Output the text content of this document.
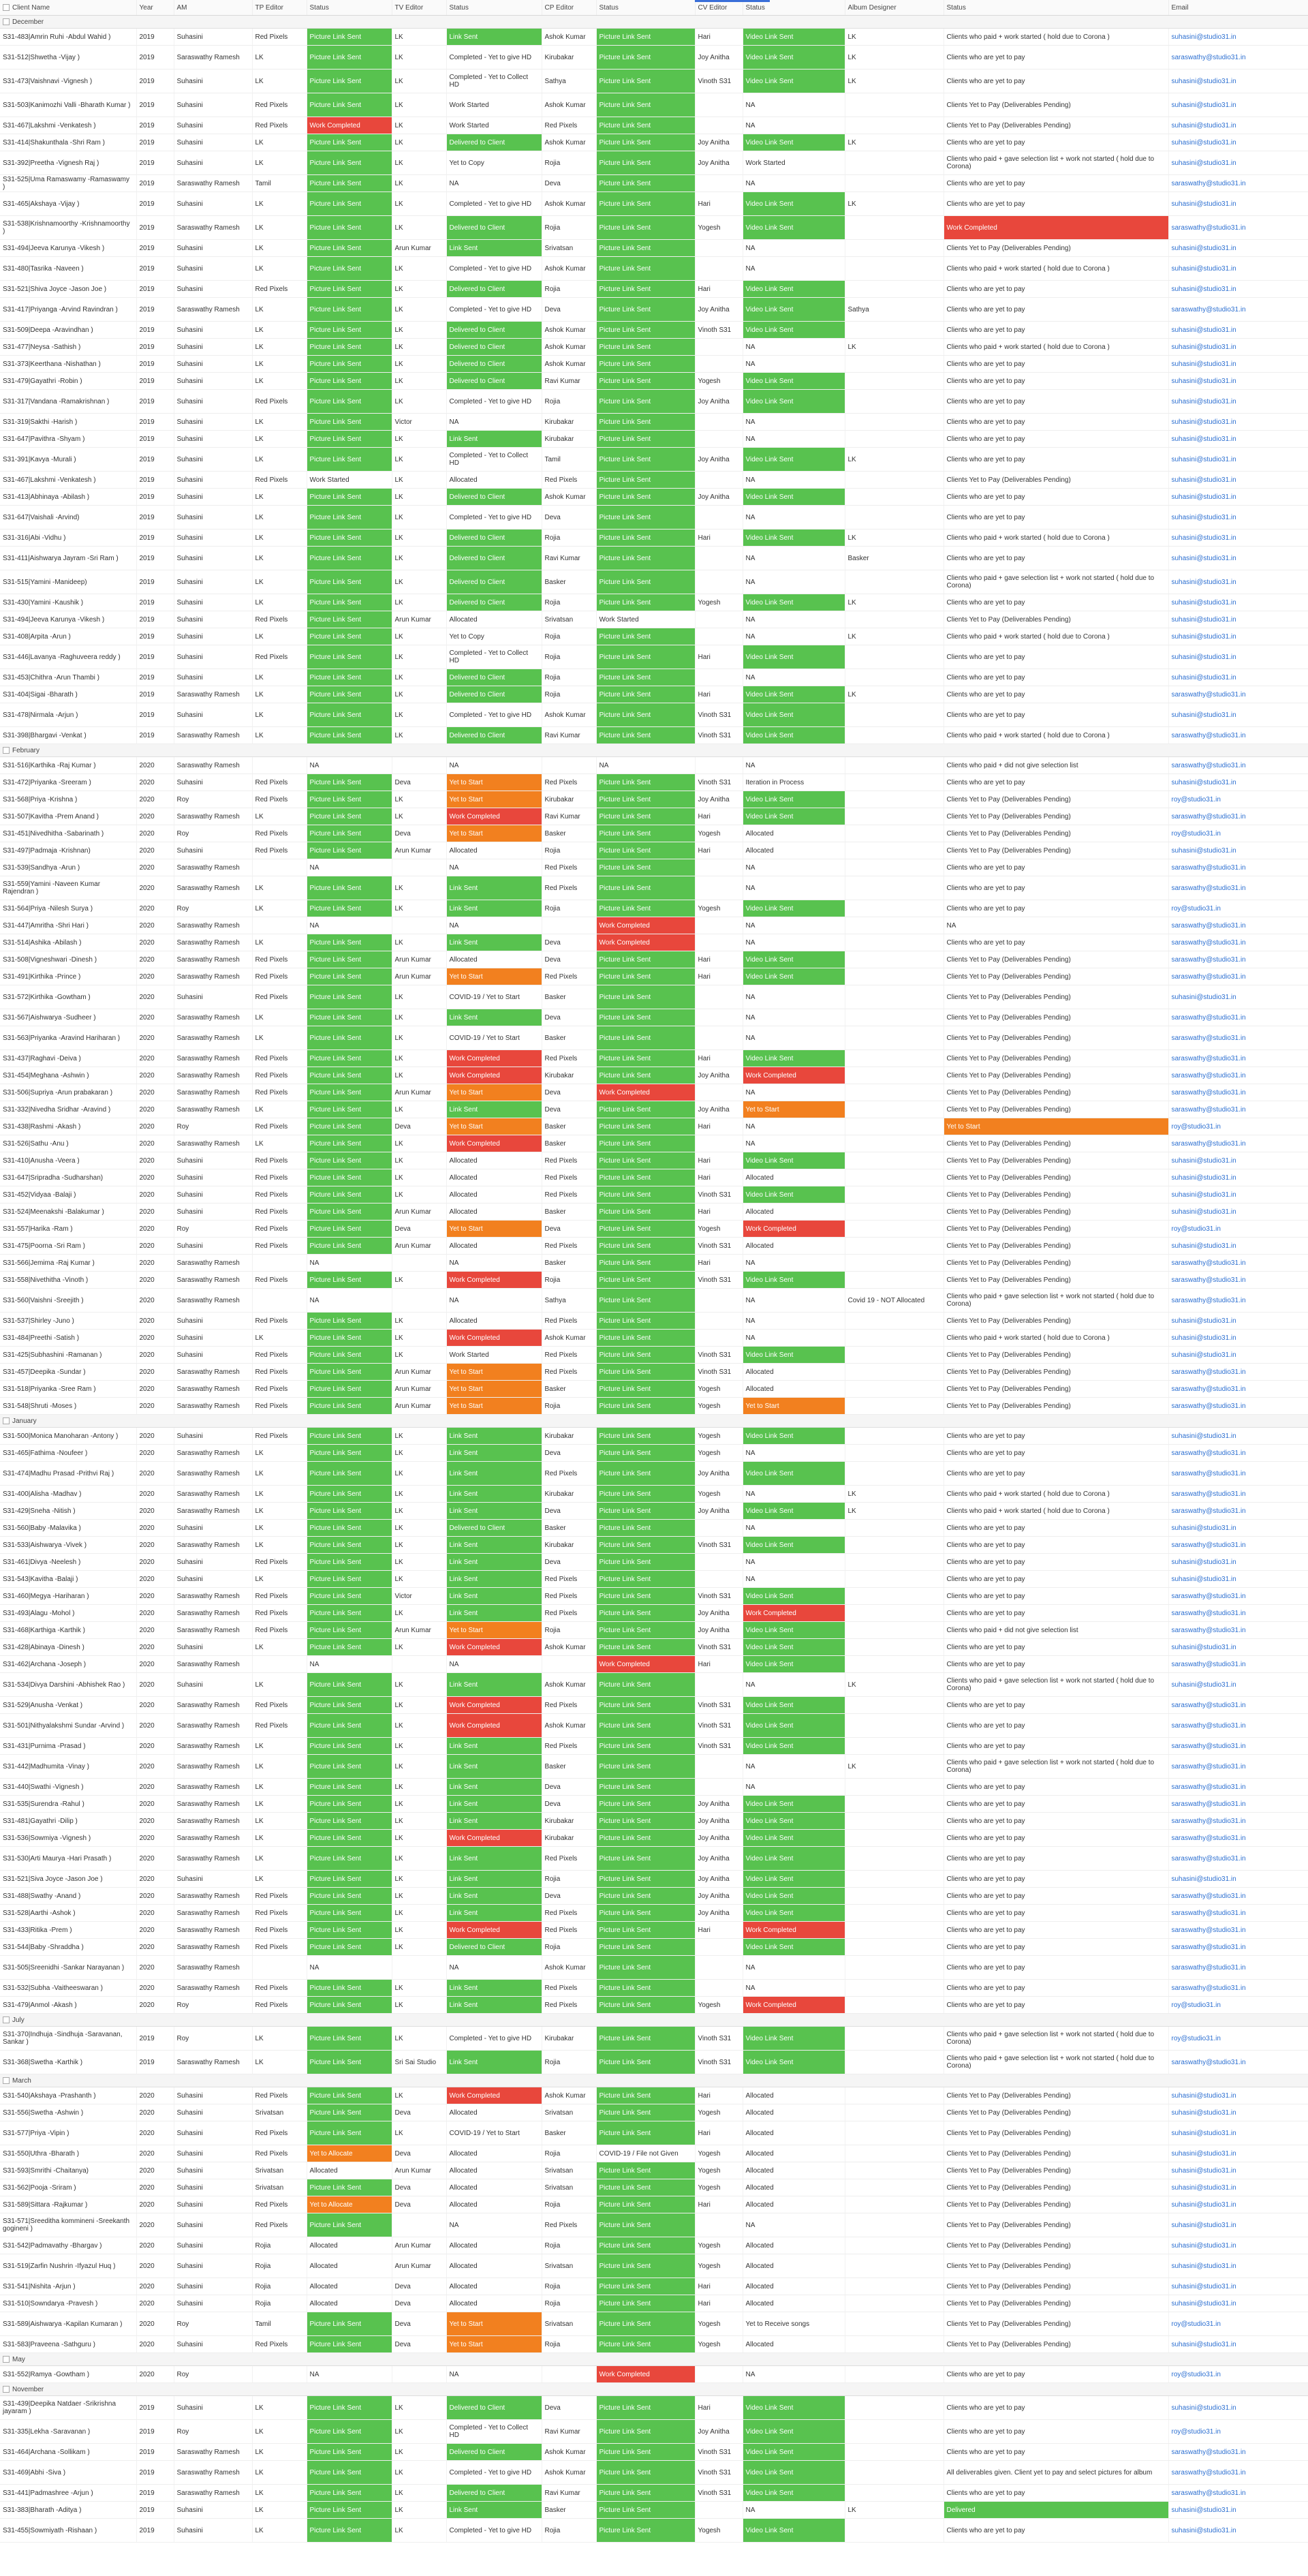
Client Name	Year	AM	TP Editor	Status	TV Editor	Status	CP Editor	Status	CV Editor	Status	Album Designer	Status	Email
December													
S31-483|Amrin Ruhi -Abdul Wahid )	2019	Suhasini	Red Pixels	Picture Link Sent	LK	Link Sent	Ashok Kumar	Picture Link Sent	Hari	Video Link Sent	LK	Clients who paid + work started ( hold due to Corona )	suhasini@studio31.in
S31-512|Shwetha -Vijay )	2019	Saraswathy Ramesh	LK	Picture Link Sent	LK	Completed - Yet to give HD	Kirubakar	Picture Link Sent	Joy Anitha	Video Link Sent	LK	Clients who are yet to pay	saraswathy@studio31.in
S31-473|Vaishnavi -Vignesh )	2019	Suhasini	LK	Picture Link Sent	LK	Completed - Yet to Collect HD	Sathya	Picture Link Sent	Vinoth S31	Video Link Sent	LK	Clients who are yet to pay	suhasini@studio31.in
S31-503|Kanimozhi Valli -Bharath Kumar )	2019	Suhasini	Red Pixels	Picture Link Sent	LK	Work Started	Ashok Kumar	Picture Link Sent		NA		Clients Yet to Pay (Deliverables Pending)	suhasini@studio31.in
S31-467|Lakshmi -Venkatesh )	2019	Suhasini	Red Pixels	Work Completed	LK	Work Started	Red Pixels	Picture Link Sent		NA		Clients Yet to Pay (Deliverables Pending)	suhasini@studio31.in
S31-414|Shakunthala -Shri Ram )	2019	Suhasini	LK	Picture Link Sent	LK	Delivered to Client	Ashok Kumar	Picture Link Sent	Joy Anitha	Video Link Sent	LK	Clients who are yet to pay	suhasini@studio31.in
S31-392|Preetha -Vignesh Raj )	2019	Suhasini	LK	Picture Link Sent	LK	Yet to Copy	Rojia	Picture Link Sent	Joy Anitha	Work Started		Clients who paid + gave selection list + work not started ( hold due to Corona)	suhasini@studio31.in
S31-525|Uma Ramaswamy -Ramaswamy )	2019	Saraswathy Ramesh	Tamil	Picture Link Sent	LK	NA	Deva	Picture Link Sent		NA		Clients who are yet to pay	saraswathy@studio31.in
S31-465|Akshaya -Vijay )	2019	Suhasini	LK	Picture Link Sent	LK	Completed - Yet to give HD	Ashok Kumar	Picture Link Sent	Hari	Video Link Sent	LK	Clients who are yet to pay	suhasini@studio31.in
S31-538|Krishnamoorthy -Krishnamoorthy )	2019	Saraswathy Ramesh	LK	Picture Link Sent	LK	Delivered to Client	Rojia	Picture Link Sent	Yogesh	Video Link Sent		Work Completed	saraswathy@studio31.in
S31-494|Jeeva Karunya -Vikesh )	2019	Suhasini	LK	Picture Link Sent	Arun Kumar	Link Sent	Srivatsan	Picture Link Sent		NA		Clients Yet to Pay (Deliverables Pending)	suhasini@studio31.in
S31-480|Tasrika -Naveen )	2019	Suhasini	LK	Picture Link Sent	LK	Completed - Yet to give HD	Ashok Kumar	Picture Link Sent		NA		Clients who paid + work started ( hold due to Corona )	suhasini@studio31.in
S31-521|Shiva Joyce -Jason Joe )	2019	Suhasini	Red Pixels	Picture Link Sent	LK	Delivered to Client	Rojia	Picture Link Sent	Hari	Video Link Sent		Clients who are yet to pay	suhasini@studio31.in
S31-417|Priyanga -Arvind Ravindran )	2019	Saraswathy Ramesh	LK	Picture Link Sent	LK	Completed - Yet to give HD	Deva	Picture Link Sent	Joy Anitha	Video Link Sent	Sathya	Clients who are yet to pay	saraswathy@studio31.in
S31-509|Deepa -Aravindhan )	2019	Suhasini	LK	Picture Link Sent	LK	Delivered to Client	Ashok Kumar	Picture Link Sent	Vinoth S31	Video Link Sent		Clients who are yet to pay	suhasini@studio31.in
S31-477|Neysa -Sathish )	2019	Suhasini	LK	Picture Link Sent	LK	Delivered to Client	Ashok Kumar	Picture Link Sent		NA	LK	Clients who paid + work started ( hold due to Corona )	suhasini@studio31.in
S31-373|Keerthana -Nishathan )	2019	Suhasini	LK	Picture Link Sent	LK	Delivered to Client	Ashok Kumar	Picture Link Sent		NA		Clients who are yet to pay	suhasini@studio31.in
S31-479|Gayathri -Robin )	2019	Suhasini	LK	Picture Link Sent	LK	Delivered to Client	Ravi Kumar	Picture Link Sent	Yogesh	Video Link Sent		Clients who are yet to pay	suhasini@studio31.in
S31-317|Vandana -Ramakrishnan )	2019	Suhasini	Red Pixels	Picture Link Sent	LK	Completed - Yet to give HD	Rojia	Picture Link Sent	Joy Anitha	Video Link Sent		Clients who are yet to pay	suhasini@studio31.in
S31-319|Sakthi -Harish )	2019	Suhasini	LK	Picture Link Sent	Victor	NA	Kirubakar	Picture Link Sent		NA		Clients who are yet to pay	suhasini@studio31.in
S31-647|Pavithra -Shyam )	2019	Suhasini	LK	Picture Link Sent	LK	Link Sent	Kirubakar	Picture Link Sent		NA		Clients who are yet to pay	suhasini@studio31.in
S31-391|Kavya -Murali )	2019	Suhasini	LK	Picture Link Sent	LK	Completed - Yet to Collect HD	Tamil	Picture Link Sent	Joy Anitha	Video Link Sent	LK	Clients who are yet to pay	suhasini@studio31.in
S31-467|Lakshmi -Venkatesh )	2019	Suhasini	Red Pixels	Work Started	LK	Allocated	Red Pixels	Picture Link Sent		NA		Clients Yet to Pay (Deliverables Pending)	suhasini@studio31.in
S31-413|Abhinaya -Abilash )	2019	Suhasini	LK	Picture Link Sent	LK	Delivered to Client	Ashok Kumar	Picture Link Sent	Joy Anitha	Video Link Sent		Clients who are yet to pay	suhasini@studio31.in
S31-647|Vaishali -Arvind)	2019	Suhasini	LK	Picture Link Sent	LK	Completed - Yet to give HD	Deva	Picture Link Sent		NA		Clients who are yet to pay	suhasini@studio31.in
S31-316|Abi -Vidhu )	2019	Suhasini	LK	Picture Link Sent	LK	Delivered to Client	Rojia	Picture Link Sent	Hari	Video Link Sent	LK	Clients who paid + work started ( hold due to Corona )	suhasini@studio31.in
S31-411|Aishwarya Jayram -Sri Ram )	2019	Suhasini	LK	Picture Link Sent	LK	Delivered to Client	Ravi Kumar	Picture Link Sent		NA	Basker	Clients who are yet to pay	suhasini@studio31.in
S31-515|Yamini -Manideep)	2019	Suhasini	LK	Picture Link Sent	LK	Delivered to Client	Basker	Picture Link Sent		NA		Clients who paid + gave selection list + work not started ( hold due to Corona)	suhasini@studio31.in
S31-430|Yamini -Kaushik )	2019	Suhasini	LK	Picture Link Sent	LK	Delivered to Client	Rojia	Picture Link Sent	Yogesh	Video Link Sent	LK	Clients who are yet to pay	suhasini@studio31.in
S31-494|Jeeva Karunya -Vikesh )	2019	Suhasini	Red Pixels	Picture Link Sent	Arun Kumar	Allocated	Srivatsan	Work Started		NA		Clients Yet to Pay (Deliverables Pending)	suhasini@studio31.in
S31-408|Arpita -Arun )	2019	Suhasini	LK	Picture Link Sent	LK	Yet to Copy	Rojia	Picture Link Sent		NA	LK	Clients who paid + work started ( hold due to Corona )	suhasini@studio31.in
S31-446|Lavanya -Raghuveera reddy )	2019	Suhasini	Red Pixels	Picture Link Sent	LK	Completed - Yet to Collect HD	Rojia	Picture Link Sent	Hari	Video Link Sent		Clients who are yet to pay	suhasini@studio31.in
S31-453|Chithra -Arun Thambi )	2019	Suhasini	LK	Picture Link Sent	LK	Delivered to Client	Rojia	Picture Link Sent		NA		Clients who are yet to pay	suhasini@studio31.in
S31-404|Sigai -Bharath )	2019	Saraswathy Ramesh	LK	Picture Link Sent	LK	Delivered to Client	Rojia	Picture Link Sent	Hari	Video Link Sent	LK	Clients who are yet to pay	saraswathy@studio31.in
S31-478|Nirmala -Arjun )	2019	Suhasini	LK	Picture Link Sent	LK	Completed - Yet to give HD	Ashok Kumar	Picture Link Sent	Vinoth S31	Video Link Sent		Clients who are yet to pay	suhasini@studio31.in
S31-398|Bhargavi -Venkat )	2019	Saraswathy Ramesh	LK	Picture Link Sent	LK	Delivered to Client	Ravi Kumar	Picture Link Sent	Vinoth S31	Video Link Sent		Clients who paid + work started ( hold due to Corona )	saraswathy@studio31.in
February													
S31-516|Karthika -Raj Kumar )	2020	Saraswathy Ramesh		NA		NA		NA		NA		Clients who paid + did not give selection list	saraswathy@studio31.in
S31-472|Priyanka -Sreeram )	2020	Suhasini	Red Pixels	Picture Link Sent	Deva	Yet to Start	Red Pixels	Picture Link Sent	Vinoth S31	Iteration in Process		Clients who are yet to pay	suhasini@studio31.in
S31-568|Priya -Krishna )	2020	Roy	Red Pixels	Picture Link Sent	LK	Yet to Start	Kirubakar	Picture Link Sent	Joy Anitha	Video Link Sent		Clients Yet to Pay (Deliverables Pending)	roy@studio31.in
S31-507|Kavitha -Prem Anand )	2020	Saraswathy Ramesh	LK	Picture Link Sent	LK	Work Completed	Ravi Kumar	Picture Link Sent	Hari	Video Link Sent		Clients Yet to Pay (Deliverables Pending)	saraswathy@studio31.in
S31-451|Nivedhitha -Sabarinath )	2020	Roy	Red Pixels	Picture Link Sent	Deva	Yet to Start	Basker	Picture Link Sent	Yogesh	Allocated		Clients Yet to Pay (Deliverables Pending)	roy@studio31.in
S31-497|Padmaja -Krishnan)	2020	Suhasini	Red Pixels	Picture Link Sent	Arun Kumar	Allocated	Rojia	Picture Link Sent	Hari	Allocated		Clients Yet to Pay (Deliverables Pending)	suhasini@studio31.in
S31-539|Sandhya -Arun )	2020	Saraswathy Ramesh		NA		NA	Red Pixels	Picture Link Sent		NA		Clients who are yet to pay	saraswathy@studio31.in
S31-559|Yamini -Naveen Kumar Rajendran )	2020	Saraswathy Ramesh	LK	Picture Link Sent	LK	Link Sent	Red Pixels	Picture Link Sent		NA		Clients who are yet to pay	saraswathy@studio31.in
S31-564|Priya -Nilesh Surya )	2020	Roy	LK	Picture Link Sent	LK	Link Sent	Rojia	Picture Link Sent	Yogesh	Video Link Sent		Clients who are yet to pay	roy@studio31.in
S31-447|Amritha -Shri Hari )	2020	Saraswathy Ramesh		NA		NA		Work Completed		NA		NA	saraswathy@studio31.in
S31-514|Ashika -Abilash )	2020	Saraswathy Ramesh	LK	Picture Link Sent	LK	Link Sent	Deva	Work Completed		NA		Clients who are yet to pay	saraswathy@studio31.in
S31-508|Vigneshwari -Dinesh )	2020	Saraswathy Ramesh	Red Pixels	Picture Link Sent	Arun Kumar	Allocated	Deva	Picture Link Sent	Hari	Video Link Sent		Clients Yet to Pay (Deliverables Pending)	saraswathy@studio31.in
S31-491|Kirthika -Prince )	2020	Saraswathy Ramesh	Red Pixels	Picture Link Sent	Arun Kumar	Yet to Start	Red Pixels	Picture Link Sent	Hari	Video Link Sent		Clients Yet to Pay (Deliverables Pending)	saraswathy@studio31.in
S31-572|Kirthika -Gowtham )	2020	Suhasini	Red Pixels	Picture Link Sent	LK	COVID-19 / Yet to Start	Basker	Picture Link Sent		NA		Clients Yet to Pay (Deliverables Pending)	suhasini@studio31.in
S31-567|Aishwarya -Sudheer )	2020	Saraswathy Ramesh	LK	Picture Link Sent	LK	Link Sent	Deva	Picture Link Sent		NA		Clients Yet to Pay (Deliverables Pending)	saraswathy@studio31.in
S31-563|Priyanka -Aravind Hariharan )	2020	Saraswathy Ramesh	LK	Picture Link Sent	LK	COVID-19 / Yet to Start	Basker	Picture Link Sent		NA		Clients Yet to Pay (Deliverables Pending)	saraswathy@studio31.in
S31-437|Raghavi -Deiva )	2020	Saraswathy Ramesh	Red Pixels	Picture Link Sent	LK	Work Completed	Red Pixels	Picture Link Sent	Hari	Video Link Sent		Clients Yet to Pay (Deliverables Pending)	saraswathy@studio31.in
S31-454|Meghana -Ashwin )	2020	Saraswathy Ramesh	Red Pixels	Picture Link Sent	LK	Work Completed	Kirubakar	Picture Link Sent	Joy Anitha	Work Completed		Clients Yet to Pay (Deliverables Pending)	saraswathy@studio31.in
S31-506|Supriya -Arun prabakaran )	2020	Saraswathy Ramesh	Red Pixels	Picture Link Sent	Arun Kumar	Yet to Start	Deva	Work Completed		NA		Clients Yet to Pay (Deliverables Pending)	saraswathy@studio31.in
S31-332|Nivedha Sridhar -Aravind )	2020	Saraswathy Ramesh	LK	Picture Link Sent	LK	Link Sent	Deva	Picture Link Sent	Joy Anitha	Yet to Start		Clients Yet to Pay (Deliverables Pending)	saraswathy@studio31.in
S31-438|Rashmi -Akash )	2020	Roy	Red Pixels	Picture Link Sent	Deva	Yet to Start	Basker	Picture Link Sent	Hari	NA		Yet to Start	roy@studio31.in
S31-526|Sathu -Anu )	2020	Saraswathy Ramesh	LK	Picture Link Sent	LK	Work Completed	Basker	Picture Link Sent		NA		Clients Yet to Pay (Deliverables Pending)	saraswathy@studio31.in
S31-410|Anusha -Veera )	2020	Suhasini	Red Pixels	Picture Link Sent	LK	Allocated	Red Pixels	Picture Link Sent	Hari	Video Link Sent		Clients Yet to Pay (Deliverables Pending)	suhasini@studio31.in
S31-647|Sripradha -Sudharshan)	2020	Suhasini	Red Pixels	Picture Link Sent	LK	Allocated	Red Pixels	Picture Link Sent	Hari	Allocated		Clients Yet to Pay (Deliverables Pending)	suhasini@studio31.in
S31-452|Vidyaa -Balaji )	2020	Suhasini	Red Pixels	Picture Link Sent	LK	Allocated	Red Pixels	Picture Link Sent	Vinoth S31	Video Link Sent		Clients Yet to Pay (Deliverables Pending)	suhasini@studio31.in
S31-524|Meenakshi -Balakumar )	2020	Suhasini	Red Pixels	Picture Link Sent	Arun Kumar	Allocated	Basker	Picture Link Sent	Hari	Allocated		Clients Yet to Pay (Deliverables Pending)	suhasini@studio31.in
S31-557|Harika -Ram )	2020	Roy	Red Pixels	Picture Link Sent	Deva	Yet to Start	Deva	Picture Link Sent	Yogesh	Work Completed		Clients Yet to Pay (Deliverables Pending)	roy@studio31.in
S31-475|Poorna -Sri Ram )	2020	Suhasini	Red Pixels	Picture Link Sent	Arun Kumar	Allocated	Red Pixels	Picture Link Sent	Vinoth S31	Allocated		Clients Yet to Pay (Deliverables Pending)	suhasini@studio31.in
S31-566|Jemima -Raj Kumar )	2020	Saraswathy Ramesh		NA		NA	Basker	Picture Link Sent	Hari	NA		Clients Yet to Pay (Deliverables Pending)	saraswathy@studio31.in
S31-558|Nivethitha -Vinoth )	2020	Saraswathy Ramesh	Red Pixels	Picture Link Sent	LK	Work Completed	Rojia	Picture Link Sent	Vinoth S31	Video Link Sent		Clients Yet to Pay (Deliverables Pending)	saraswathy@studio31.in
S31-560|Vaishni -Sreejith )	2020	Saraswathy Ramesh		NA		NA	Sathya	Picture Link Sent		NA	Covid 19 - NOT Allocated	Clients who paid + gave selection list + work not started ( hold due to Corona)	saraswathy@studio31.in
S31-537|Shirley -Juno )	2020	Suhasini	Red Pixels	Picture Link Sent	LK	Allocated	Red Pixels	Picture Link Sent		NA		Clients Yet to Pay (Deliverables Pending)	suhasini@studio31.in
S31-484|Preethi -Satish )	2020	Suhasini	LK	Picture Link Sent	LK	Work Completed	Ashok Kumar	Picture Link Sent		NA		Clients who paid + work started ( hold due to Corona )	suhasini@studio31.in
S31-425|Subhashini -Ramanan )	2020	Suhasini	Red Pixels	Picture Link Sent	LK	Work Started	Red Pixels	Picture Link Sent	Vinoth S31	Video Link Sent		Clients Yet to Pay (Deliverables Pending)	suhasini@studio31.in
S31-457|Deepika -Sundar )	2020	Saraswathy Ramesh	Red Pixels	Picture Link Sent	Arun Kumar	Yet to Start	Red Pixels	Picture Link Sent	Vinoth S31	Allocated		Clients Yet to Pay (Deliverables Pending)	saraswathy@studio31.in
S31-518|Priyanka -Sree Ram )	2020	Saraswathy Ramesh	Red Pixels	Picture Link Sent	Arun Kumar	Yet to Start	Basker	Picture Link Sent	Yogesh	Allocated		Clients Yet to Pay (Deliverables Pending)	saraswathy@studio31.in
S31-548|Shruti -Moses )	2020	Saraswathy Ramesh	Red Pixels	Picture Link Sent	Arun Kumar	Yet to Start	Rojia	Picture Link Sent	Yogesh	Yet to Start		Clients Yet to Pay (Deliverables Pending)	saraswathy@studio31.in
January													
S31-500|Monica Manoharan -Antony )	2020	Suhasini	Red Pixels	Picture Link Sent	LK	Link Sent	Kirubakar	Picture Link Sent	Yogesh	Video Link Sent		Clients who are yet to pay	suhasini@studio31.in
S31-465|Fathima -Noufeer )	2020	Saraswathy Ramesh	LK	Picture Link Sent	LK	Link Sent	Deva	Picture Link Sent	Yogesh	NA		Clients who are yet to pay	saraswathy@studio31.in
S31-474|Madhu Prasad -Prithvi Raj )	2020	Saraswathy Ramesh	LK	Picture Link Sent	LK	Link Sent	Red Pixels	Picture Link Sent	Joy Anitha	Video Link Sent		Clients who are yet to pay	saraswathy@studio31.in
S31-400|Alisha -Madhav )	2020	Saraswathy Ramesh	LK	Picture Link Sent	LK	Link Sent	Kirubakar	Picture Link Sent	Yogesh	NA	LK	Clients who paid + work started ( hold due to Corona )	saraswathy@studio31.in
S31-429|Sneha -Nitish )	2020	Saraswathy Ramesh	LK	Picture Link Sent	LK	Link Sent	Deva	Picture Link Sent	Joy Anitha	Video Link Sent	LK	Clients who paid + work started ( hold due to Corona )	saraswathy@studio31.in
S31-560|Baby -Malavika )	2020	Suhasini	LK	Picture Link Sent	LK	Delivered to Client	Basker	Picture Link Sent		NA		Clients who are yet to pay	suhasini@studio31.in
S31-533|Aishwarya -Vivek )	2020	Saraswathy Ramesh	LK	Picture Link Sent	LK	Link Sent	Kirubakar	Picture Link Sent	Vinoth S31	Video Link Sent		Clients who are yet to pay	saraswathy@studio31.in
S31-461|Divya -Neelesh )	2020	Suhasini	Red Pixels	Picture Link Sent	LK	Link Sent	Deva	Picture Link Sent		NA		Clients who are yet to pay	suhasini@studio31.in
S31-543|Kavitha -Balaji )	2020	Suhasini	LK	Picture Link Sent	LK	Link Sent	Red Pixels	Picture Link Sent		NA		Clients who are yet to pay	suhasini@studio31.in
S31-460|Megya -Hariharan )	2020	Saraswathy Ramesh	Red Pixels	Picture Link Sent	Victor	Link Sent	Red Pixels	Picture Link Sent	Vinoth S31	Video Link Sent		Clients who are yet to pay	saraswathy@studio31.in
S31-493|Alagu -Mohol )	2020	Saraswathy Ramesh	Red Pixels	Picture Link Sent	LK	Link Sent	Red Pixels	Picture Link Sent	Joy Anitha	Work Completed		Clients who are yet to pay	saraswathy@studio31.in
S31-468|Karthiga -Karthik )	2020	Saraswathy Ramesh	Red Pixels	Picture Link Sent	Arun Kumar	Yet to Start	Rojia	Picture Link Sent	Joy Anitha	Video Link Sent		Clients who paid + did not give selection list	saraswathy@studio31.in
S31-428|Abinaya -Dinesh )	2020	Suhasini	LK	Picture Link Sent	LK	Work Completed	Ashok Kumar	Picture Link Sent	Vinoth S31	Video Link Sent		Clients who are yet to pay	suhasini@studio31.in
S31-462|Archana -Joseph )	2020	Saraswathy Ramesh		NA		NA		Work Completed	Hari	Video Link Sent		Clients who are yet to pay	saraswathy@studio31.in
S31-534|Divya Darshini -Abhishek Rao )	2020	Suhasini	LK	Picture Link Sent	LK	Link Sent	Ashok Kumar	Picture Link Sent		NA	LK	Clients who paid + gave selection list + work not started ( hold due to Corona)	suhasini@studio31.in
S31-529|Anusha -Venkat )	2020	Saraswathy Ramesh	Red Pixels	Picture Link Sent	LK	Work Completed	Red Pixels	Picture Link Sent	Vinoth S31	Video Link Sent		Clients who are yet to pay	saraswathy@studio31.in
S31-501|Nithyalakshmi Sundar -Arvind )	2020	Saraswathy Ramesh	Red Pixels	Picture Link Sent	LK	Work Completed	Ashok Kumar	Picture Link Sent	Vinoth S31	Video Link Sent		Clients who are yet to pay	saraswathy@studio31.in
S31-431|Purnima -Prasad )	2020	Saraswathy Ramesh	LK	Picture Link Sent	LK	Link Sent	Red Pixels	Picture Link Sent	Vinoth S31	Video Link Sent		Clients who are yet to pay	saraswathy@studio31.in
S31-442|Madhumita -Vinay )	2020	Saraswathy Ramesh	LK	Picture Link Sent	LK	Link Sent	Basker	Picture Link Sent		NA	LK	Clients who paid + gave selection list + work not started ( hold due to Corona)	saraswathy@studio31.in
S31-440|Swathi -Vignesh )	2020	Saraswathy Ramesh	LK	Picture Link Sent	LK	Link Sent	Deva	Picture Link Sent		NA		Clients who are yet to pay	saraswathy@studio31.in
S31-535|Surendra -Rahul )	2020	Saraswathy Ramesh	LK	Picture Link Sent	LK	Link Sent	Deva	Picture Link Sent	Joy Anitha	Video Link Sent		Clients who are yet to pay	saraswathy@studio31.in
S31-481|Gayathri -Dilip )	2020	Saraswathy Ramesh	LK	Picture Link Sent	LK	Link Sent	Kirubakar	Picture Link Sent	Joy Anitha	Video Link Sent		Clients who are yet to pay	saraswathy@studio31.in
S31-536|Sowmiya -Vignesh )	2020	Saraswathy Ramesh	LK	Picture Link Sent	LK	Work Completed	Kirubakar	Picture Link Sent	Joy Anitha	Video Link Sent		Clients who are yet to pay	saraswathy@studio31.in
S31-530|Arti Maurya -Hari Prasath )	2020	Saraswathy Ramesh	LK	Picture Link Sent	LK	Link Sent	Red Pixels	Picture Link Sent	Joy Anitha	Video Link Sent		Clients who are yet to pay	saraswathy@studio31.in
S31-521|Siva Joyce -Jason Joe )	2020	Suhasini	LK	Picture Link Sent	LK	Link Sent	Rojia	Picture Link Sent	Joy Anitha	Video Link Sent		Clients who are yet to pay	suhasini@studio31.in
S31-488|Swathy -Anand )	2020	Saraswathy Ramesh	Red Pixels	Picture Link Sent	LK	Link Sent	Deva	Picture Link Sent	Joy Anitha	Video Link Sent		Clients who are yet to pay	saraswathy@studio31.in
S31-528|Aarthi -Ashok )	2020	Saraswathy Ramesh	Red Pixels	Picture Link Sent	LK	Link Sent	Red Pixels	Picture Link Sent	Joy Anitha	Video Link Sent		Clients who are yet to pay	saraswathy@studio31.in
S31-433|Ritika -Prem )	2020	Saraswathy Ramesh	Red Pixels	Picture Link Sent	LK	Work Completed	Red Pixels	Picture Link Sent	Hari	Work Completed		Clients who are yet to pay	saraswathy@studio31.in
S31-544|Baby -Shraddha )	2020	Saraswathy Ramesh	Red Pixels	Picture Link Sent	LK	Delivered to Client	Rojia	Picture Link Sent		Video Link Sent		Clients who are yet to pay	saraswathy@studio31.in
S31-505|Sreenidhi -Sankar Narayanan )	2020	Saraswathy Ramesh		NA		NA	Ashok Kumar	Picture Link Sent		NA		Clients who are yet to pay	saraswathy@studio31.in
S31-532|Subha -Vaitheeswaran )	2020	Saraswathy Ramesh	Red Pixels	Picture Link Sent	LK	Link Sent	Red Pixels	Picture Link Sent		NA		Clients who are yet to pay	saraswathy@studio31.in
S31-479|Anmol -Akash )	2020	Roy	Red Pixels	Picture Link Sent	LK	Link Sent	Red Pixels	Picture Link Sent	Yogesh	Work Completed		Clients who are yet to pay	roy@studio31.in
July													
S31-370|Indhuja -Sindhuja -Saravanan, Sankar )	2019	Roy	LK	Picture Link Sent	LK	Completed - Yet to give HD	Kirubakar	Picture Link Sent	Vinoth S31	Video Link Sent		Clients who paid + gave selection list + work not started ( hold due to Corona)	roy@studio31.in
S31-368|Swetha -Karthik )	2019	Saraswathy Ramesh	LK	Picture Link Sent	Sri Sai Studio	Link Sent	Rojia	Picture Link Sent	Vinoth S31	Video Link Sent		Clients who paid + gave selection list + work not started ( hold due to Corona)	saraswathy@studio31.in
March													
S31-540|Akshaya -Prashanth )	2020	Suhasini	Red Pixels	Picture Link Sent	LK	Work Completed	Ashok Kumar	Picture Link Sent	Hari	Allocated		Clients Yet to Pay (Deliverables Pending)	suhasini@studio31.in
S31-556|Swetha -Ashwin )	2020	Suhasini	Srivatsan	Picture Link Sent	Deva	Allocated	Srivatsan	Picture Link Sent	Yogesh	Allocated		Clients Yet to Pay (Deliverables Pending)	suhasini@studio31.in
S31-577|Priya -Vipin )	2020	Suhasini	Red Pixels	Picture Link Sent	LK	COVID-19 / Yet to Start	Basker	Picture Link Sent	Hari	Allocated		Clients Yet to Pay (Deliverables Pending)	suhasini@studio31.in
S31-550|Uthra -Bharath )	2020	Suhasini	Red Pixels	Yet to Allocate	Deva	Allocated	Rojia	COVID-19 / File not Given	Yogesh	Allocated		Clients Yet to Pay (Deliverables Pending)	suhasini@studio31.in
S31-593|Smrithi -Chaitanya)	2020	Suhasini	Srivatsan	Allocated	Arun Kumar	Allocated	Srivatsan	Picture Link Sent	Yogesh	Allocated		Clients Yet to Pay (Deliverables Pending)	suhasini@studio31.in
S31-562|Pooja -Sriram )	2020	Suhasini	Srivatsan	Picture Link Sent	Deva	Allocated	Srivatsan	Picture Link Sent	Yogesh	Allocated		Clients Yet to Pay (Deliverables Pending)	suhasini@studio31.in
S31-589|Sittara -Rajkumar )	2020	Suhasini	Red Pixels	Yet to Allocate	Deva	Allocated	Rojia	Picture Link Sent	Hari	Allocated		Clients Yet to Pay (Deliverables Pending)	suhasini@studio31.in
S31-571|Sreeditha kommineni -Sreekanth gogineni )	2020	Suhasini	Red Pixels	Picture Link Sent		NA	Red Pixels	Picture Link Sent		NA		Clients Yet to Pay (Deliverables Pending)	suhasini@studio31.in
S31-542|Padmavathy -Bhargav )	2020	Suhasini	Rojia	Allocated	Arun Kumar	Allocated	Rojia	Picture Link Sent	Yogesh	Allocated		Clients Yet to Pay (Deliverables Pending)	suhasini@studio31.in
S31-519|Zarfin Nushrin -Ifyazul Huq )	2020	Suhasini	Rojia	Allocated	Arun Kumar	Allocated	Srivatsan	Picture Link Sent	Yogesh	Allocated		Clients Yet to Pay (Deliverables Pending)	suhasini@studio31.in
S31-541|Nishita -Arjun )	2020	Suhasini	Rojia	Allocated	Deva	Allocated	Rojia	Picture Link Sent	Hari	Allocated		Clients Yet to Pay (Deliverables Pending)	suhasini@studio31.in
S31-510|Sowndarya -Pravesh )	2020	Suhasini	Rojia	Allocated	Deva	Allocated	Rojia	Picture Link Sent	Hari	Allocated		Clients Yet to Pay (Deliverables Pending)	suhasini@studio31.in
S31-589|Aishwarya -Kapilan Kumaran )	2020	Roy	Tamil	Picture Link Sent	Deva	Yet to Start	Srivatsan	Picture Link Sent	Yogesh	Yet to Receive songs		Clients Yet to Pay (Deliverables Pending)	roy@studio31.in
S31-583|Praveena -Sathguru )	2020	Suhasini	Red Pixels	Picture Link Sent	Deva	Yet to Start	Rojia	Picture Link Sent	Yogesh	Allocated		Clients Yet to Pay (Deliverables Pending)	suhasini@studio31.in
May													
S31-552|Ramya -Gowtham )	2020	Roy		NA		NA		Work Completed		NA		Clients who are yet to pay	roy@studio31.in
November													
S31-439|Deepika Natdaer -Srikrishna jayaram )	2019	Suhasini	LK	Picture Link Sent	LK	Delivered to Client	Deva	Picture Link Sent	Hari	Video Link Sent		Clients who are yet to pay	suhasini@studio31.in
S31-335|Lekha -Saravanan )	2019	Roy	LK	Picture Link Sent	LK	Completed - Yet to Collect HD	Ravi Kumar	Picture Link Sent	Joy Anitha	Video Link Sent		Clients who are yet to pay	roy@studio31.in
S31-464|Archana -Sollikam )	2019	Saraswathy Ramesh	LK	Picture Link Sent	LK	Delivered to Client	Ashok Kumar	Picture Link Sent	Vinoth S31	Video Link Sent		Clients who are yet to pay	saraswathy@studio31.in
S31-469|Abhi -Siva )	2019	Saraswathy Ramesh	LK	Picture Link Sent	LK	Completed - Yet to give HD	Ashok Kumar	Picture Link Sent	Vinoth S31	Video Link Sent		All deliverables given. Client yet to pay and select pictures for album	saraswathy@studio31.in
S31-441|Padmashree -Arjun )	2019	Saraswathy Ramesh	LK	Picture Link Sent	LK	Delivered to Client	Ravi Kumar	Picture Link Sent	Vinoth S31	Video Link Sent		Clients who are yet to pay	saraswathy@studio31.in
S31-383|Bharath -Aditya )	2019	Suhasini	LK	Picture Link Sent	LK	Link Sent	Basker	Picture Link Sent		NA	LK	Delivered	suhasini@studio31.in
S31-455|Sowmiyath -Rishaan )	2019	Suhasini	LK	Picture Link Sent	LK	Completed - Yet to give HD	Rojia	Picture Link Sent	Yogesh	Video Link Sent		Clients who are yet to pay	suhasini@studio31.in
